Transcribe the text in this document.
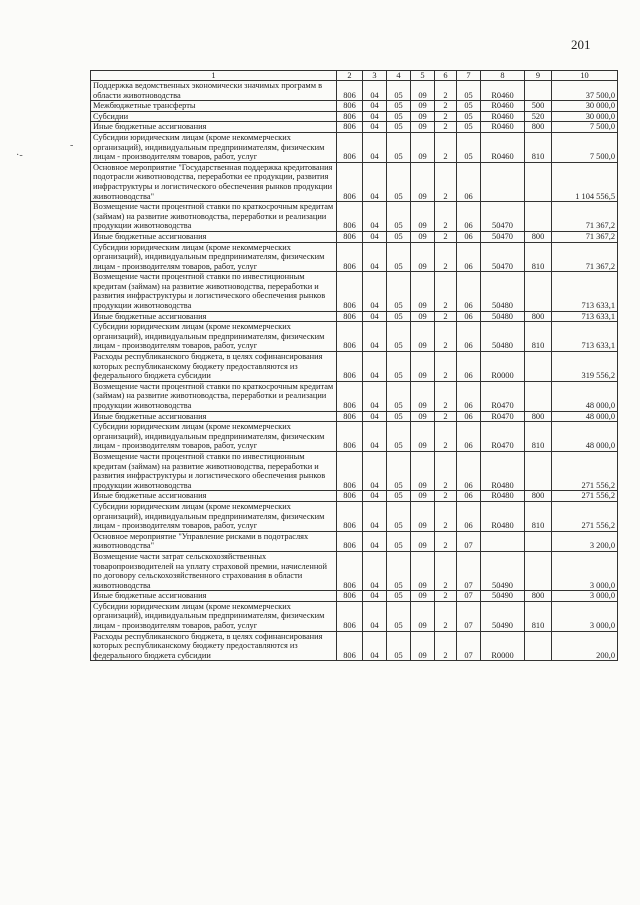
201
·-
-
1	2	3	4	5	6	7	8	9	10
Поддержка ведомственных экономически значимых программ в области животноводства	806	04	05	09	2	05	R0460		37 500,0
Межбюджетные трансферты	806	04	05	09	2	05	R0460	500	30 000,0
Субсидии	806	04	05	09	2	05	R0460	520	30 000,0
Иные бюджетные ассигнования	806	04	05	09	2	05	R0460	800	7 500,0
Субсидии юридическим лицам (кроме некоммерческих организаций), индивидуальным предпринимателям, физическим лицам - производителям товаров, работ, услуг	806	04	05	09	2	05	R0460	810	7 500,0
Основное мероприятие "Государственная поддержка кредитования подотрасли животноводства, переработки ее продукции, развития инфраструктуры и логистического обеспечения рынков продукции животноводства"	806	04	05	09	2	06			1 104 556,5
Возмещение части процентной ставки по краткосрочным кредитам (займам) на развитие животноводства, переработки и реализации продукции животноводства	806	04	05	09	2	06	50470		71 367,2
Иные бюджетные ассигнования	806	04	05	09	2	06	50470	800	71 367,2
Субсидии юридическим лицам (кроме некоммерческих организаций), индивидуальным предпринимателям, физическим лицам - производителям товаров, работ, услуг	806	04	05	09	2	06	50470	810	71 367,2
Возмещение части процентной ставки по инвестиционным кредитам (займам) на развитие животноводства, переработки и развития инфраструктуры и логистического обеспечения рынков продукции животноводства	806	04	05	09	2	06	50480		713 633,1
Иные бюджетные ассигнования	806	04	05	09	2	06	50480	800	713 633,1
Субсидии юридическим лицам (кроме некоммерческих организаций), индивидуальным предпринимателям, физическим лицам - производителям товаров, работ, услуг	806	04	05	09	2	06	50480	810	713 633,1
Расходы республиканского бюджета, в целях софинансирования которых республиканскому бюджету предоставляются из федерального бюджета субсидии	806	04	05	09	2	06	R0000		319 556,2
Возмещение части процентной ставки по краткосрочным кредитам (займам) на развитие животноводства, переработки и реализации продукции животноводства	806	04	05	09	2	06	R0470		48 000,0
Иные бюджетные ассигнования	806	04	05	09	2	06	R0470	800	48 000,0
Субсидии юридическим лицам (кроме некоммерческих организаций), индивидуальным предпринимателям, физическим лицам - производителям товаров, работ, услуг	806	04	05	09	2	06	R0470	810	48 000,0
Возмещение части процентной ставки по инвестиционным кредитам (займам) на развитие животноводства, переработки и развития инфраструктуры и логистического обеспечения рынков продукции животноводства	806	04	05	09	2	06	R0480		271 556,2
Иные бюджетные ассигнования	806	04	05	09	2	06	R0480	800	271 556,2
Субсидии юридическим лицам (кроме некоммерческих организаций), индивидуальным предпринимателям, физическим лицам - производителям товаров, работ, услуг	806	04	05	09	2	06	R0480	810	271 556,2
Основное мероприятие "Управление рисками в подотраслях животноводства"	806	04	05	09	2	07			3 200,0
Возмещение части затрат сельскохозяйственных товаропроизводителей на уплату страховой премии, начисленной по договору сельскохозяйственного страхования в области животноводства	806	04	05	09	2	07	50490		3 000,0
Иные бюджетные ассигнования	806	04	05	09	2	07	50490	800	3 000,0
Субсидии юридическим лицам (кроме некоммерческих организаций), индивидуальным предпринимателям, физическим лицам - производителям товаров, работ, услуг	806	04	05	09	2	07	50490	810	3 000,0
Расходы республиканского бюджета, в целях софинансирования которых республиканскому бюджету предоставляются из федерального бюджета субсидии	806	04	05	09	2	07	R0000		200,0
